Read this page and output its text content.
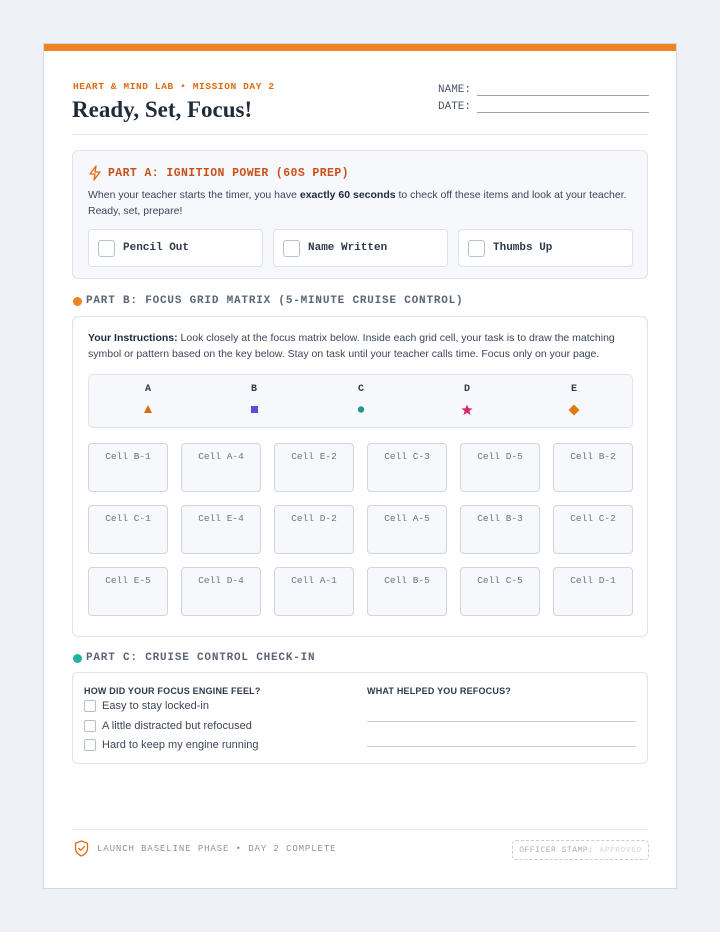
HEART & MIND LAB • MISSION DAY 2
Ready, Set, Focus!
NAME:
DATE:
PART A: IGNITION POWER (60S PREP)
When your teacher starts the timer, you have exactly 60 seconds to check off these items and look at your teacher. Ready, set, prepare!
Pencil Out	Name Written	Thumbs Up
PART B: FOCUS GRID MATRIX (5-MINUTE CRUISE CONTROL)
Your Instructions: Look closely at the focus matrix below. Inside each grid cell, your task is to draw the matching symbol or pattern based on the key below. Stay on task until your teacher calls time. Focus only on your page.
A	B	C	D	E
Cell B-1	Cell A-4	Cell E-2	Cell C-3	Cell D-5	Cell B-2
Cell C-1	Cell E-4	Cell D-2	Cell A-5	Cell B-3	Cell C-2
Cell E-5	Cell D-4	Cell A-1	Cell B-5	Cell C-5	Cell D-1
PART C: CRUISE CONTROL CHECK-IN
HOW DID YOUR FOCUS ENGINE FEEL?
Easy to stay locked-in
A little distracted but refocused
Hard to keep my engine running
WHAT HELPED YOU REFOCUS?
LAUNCH BASELINE PHASE • DAY 2 COMPLETE	OFFICER STAMP: APPROVED
